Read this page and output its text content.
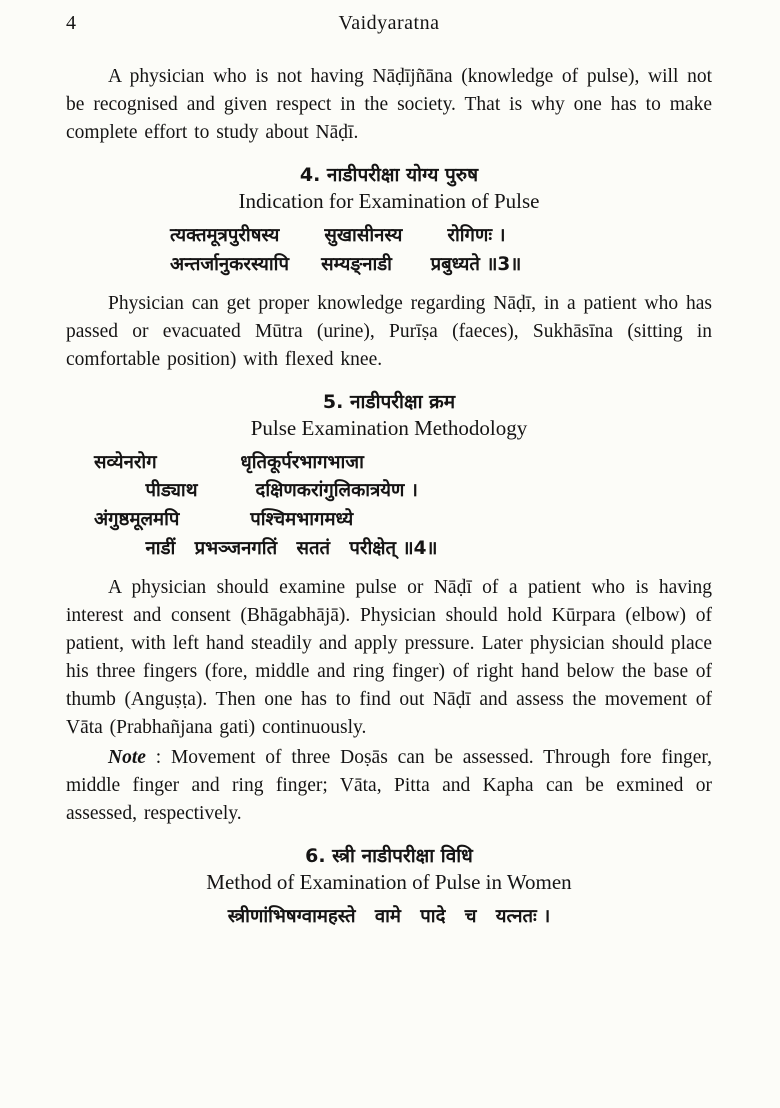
4	Vaidyaratna

A physician who is not having Nāḍījñāna (knowledge of pulse), will not be recognised and given respect in the society. That is why one has to make complete effort to study about Nāḍī.

4. नाडीपरीक्षा योग्य पुरुष
Indication for Examination of Pulse
त्यक्तमूत्रपुरीषस्य       सुखासीनस्य       रोगिणः ।
अन्तर्जानुकरस्यापि     सम्यङ्नाडी      प्रबुध्यते ॥3॥

Physician can get proper knowledge regarding Nāḍī, in a patient who has passed or evacuated Mūtra (urine), Purīṣa (faeces), Sukhāsīna (sitting in comfortable position) with flexed knee.

5. नाडीपरीक्षा क्रम
Pulse Examination Methodology
सव्येनरोग             धृतिकूर्परभागभाजा
पीड्याथ         दक्षिणकरांगुलिकात्रयेण ।
अंगुष्ठमूलमपि           पश्चिमभागमध्ये
नाडीं   प्रभञ्जनगतिं   सततं   परीक्षेत् ॥4॥

A physician should examine pulse or Nāḍī of a patient who is having interest and consent (Bhāgabhājā). Physician should hold Kūrpara (elbow) of patient, with left hand steadily and apply pressure. Later physician should place his three fingers (fore, middle and ring finger) of right hand below the base of thumb (Anguṣṭa). Then one has to find out Nāḍī and assess the movement of Vāta (Prabhañjana gati) continuously.

Note : Movement of three Doṣās can be assessed. Through fore finger, middle finger and ring finger; Vāta, Pitta and Kapha can be exmined or assessed, respectively.

6. स्त्री नाडीपरीक्षा विधि
Method of Examination of Pulse in Women
स्त्रीणांभिषग्वामहस्ते   वामे   पादे   च   यत्नतः ।
